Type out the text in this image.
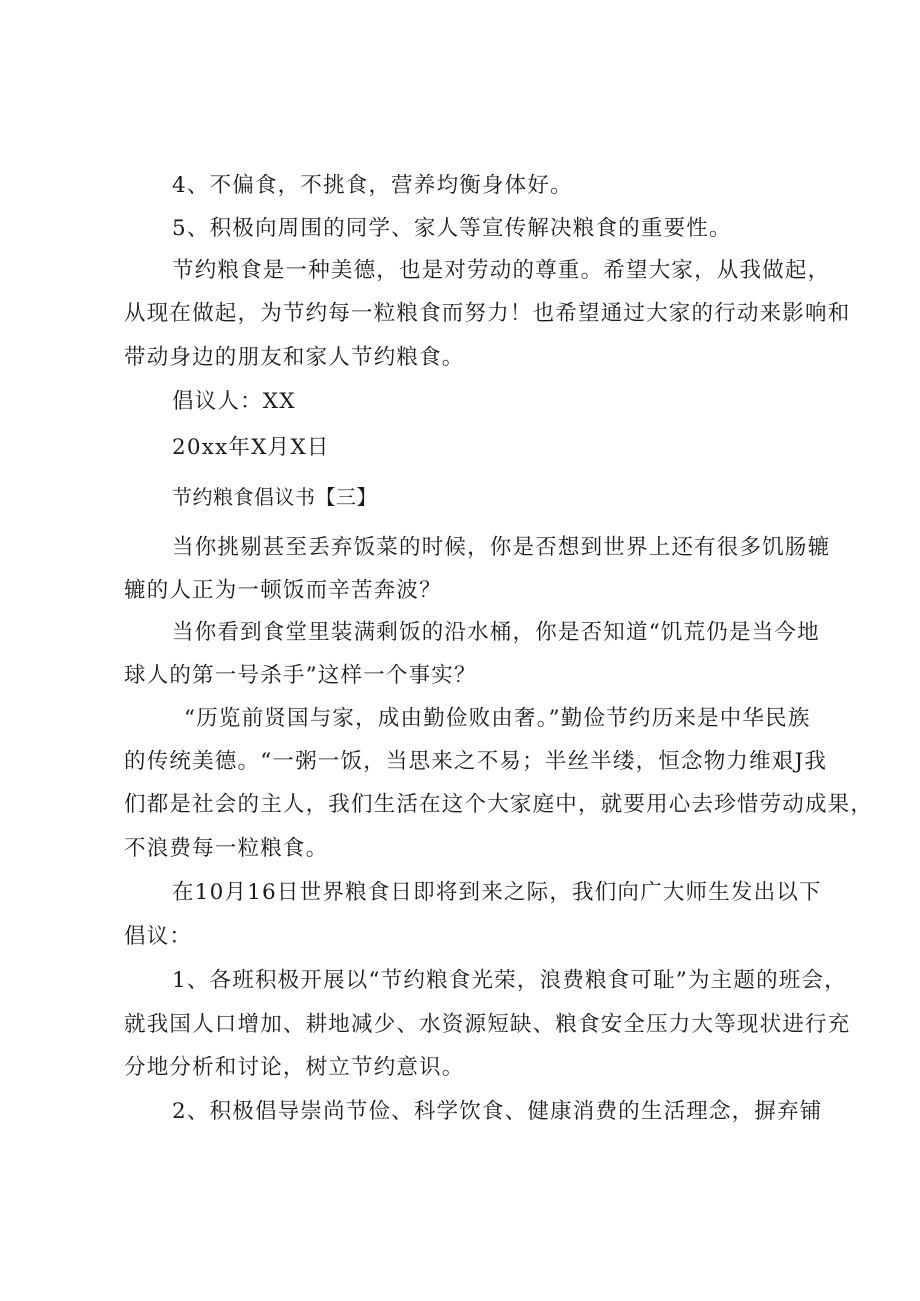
4、不偏食，不挑食，营养均衡身体好。
5、积极向周围的同学、家人等宣传解决粮食的重要性。
节约粮食是一种美德，也是对劳动的尊重。希望大家，从我做起，
从现在做起，为节约每一粒粮食而努力！也希望通过大家的行动来影响和
带动身边的朋友和家人节约粮食。
倡议人：XX
20xx年X月X日
节约粮食倡议书【三】
当你挑剔甚至丢弃饭菜的时候，你是否想到世界上还有很多饥肠辘
辘的人正为一顿饭而辛苦奔波？
当你看到食堂里装满剩饭的沿水桶，你是否知道“饥荒仍是当今地
球人的第一号杀手”这样一个事实？
“历览前贤国与家，成由勤俭败由奢。”勤俭节约历来是中华民族
的传统美德。“一粥一饭，当思来之不易；半丝半缕，恒念物力维艰J我
们都是社会的主人，我们生活在这个大家庭中，就要用心去珍惜劳动成果，
不浪费每一粒粮食。
在10月16日世界粮食日即将到来之际，我们向广大师生发出以下
倡议：
1、各班积极开展以“节约粮食光荣，浪费粮食可耻”为主题的班会，
就我国人口增加、耕地减少、水资源短缺、粮食安全压力大等现状进行充
分地分析和讨论，树立节约意识。
2、积极倡导崇尚节俭、科学饮食、健康消费的生活理念，摒弃铺
